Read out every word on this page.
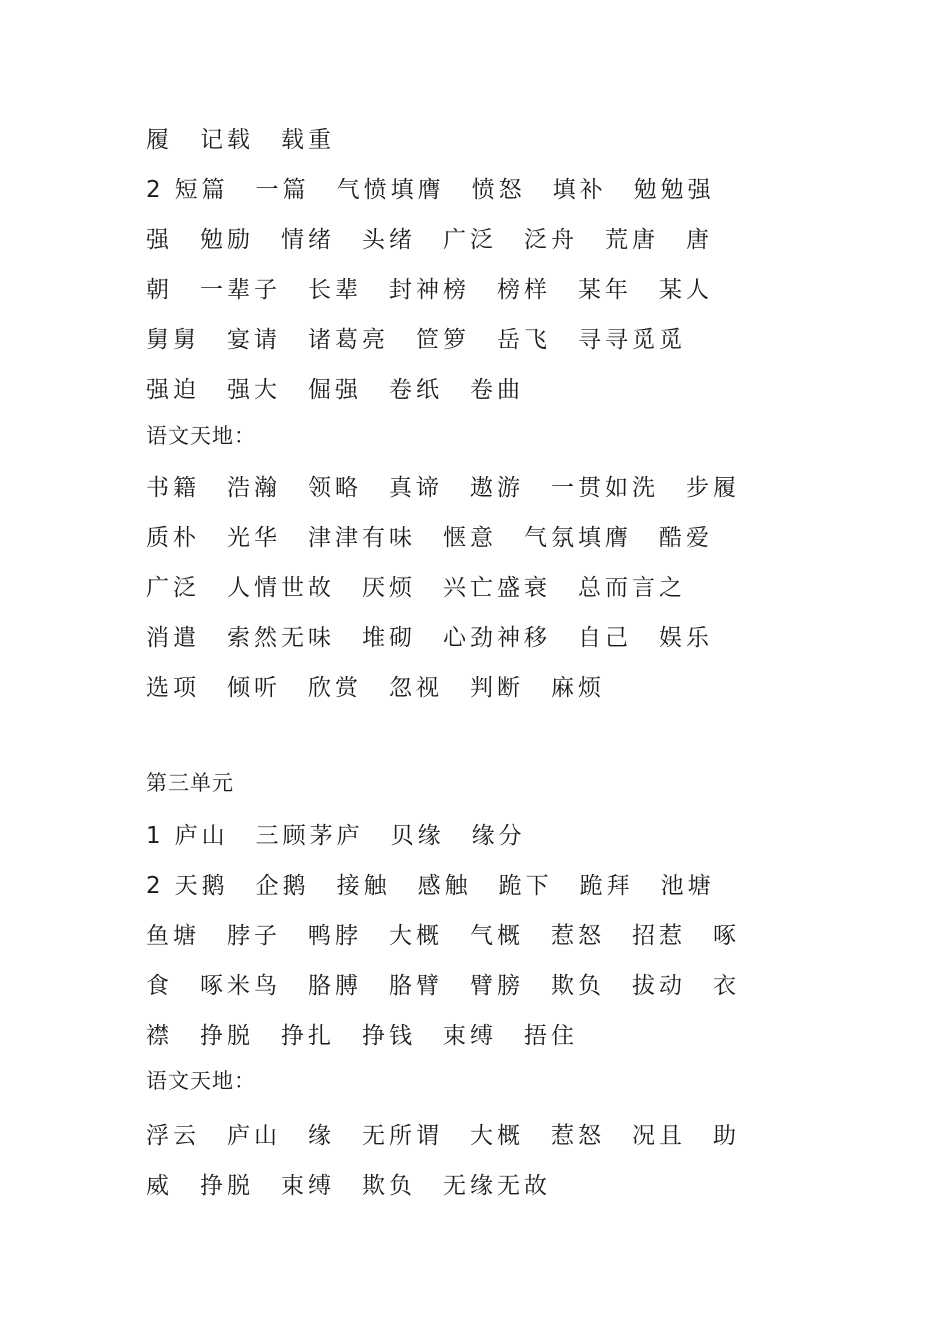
履　记载　载重
2 短篇　一篇　气愤填膺　愤怒　填补　勉勉强
强　勉励　情绪　头绪　广泛　泛舟　荒唐　唐
朝　一辈子　长辈　封神榜　榜样　某年　某人
舅舅　宴请　诸葛亮　笸箩　岳飞　寻寻觅觅
强迫　强大　倔强　卷纸　卷曲
语文天地：
书籍　浩瀚　领略　真谛　遨游　一贯如洗　步履
质朴　光华　津津有味　惬意　气氛填膺　酷爱
广泛　人情世故　厌烦　兴亡盛衰　总而言之
消遣　索然无味　堆砌　心劲神移　自己　娱乐
选项　倾听　欣赏　忽视　判断　麻烦
第三单元
1 庐山　三顾茅庐　贝缘　缘分
2 天鹅　企鹅　接触　感触　跪下　跪拜　池塘
鱼塘　脖子　鸭脖　大概　气概　惹怒　招惹　啄
食　啄米鸟　胳膊　胳臂　臂膀　欺负　拔动　衣
襟　挣脱　挣扎　挣钱　束缚　捂住
语文天地：
浮云　庐山　缘　无所谓　大概　惹怒　况且　助
威　挣脱　束缚　欺负　无缘无故
